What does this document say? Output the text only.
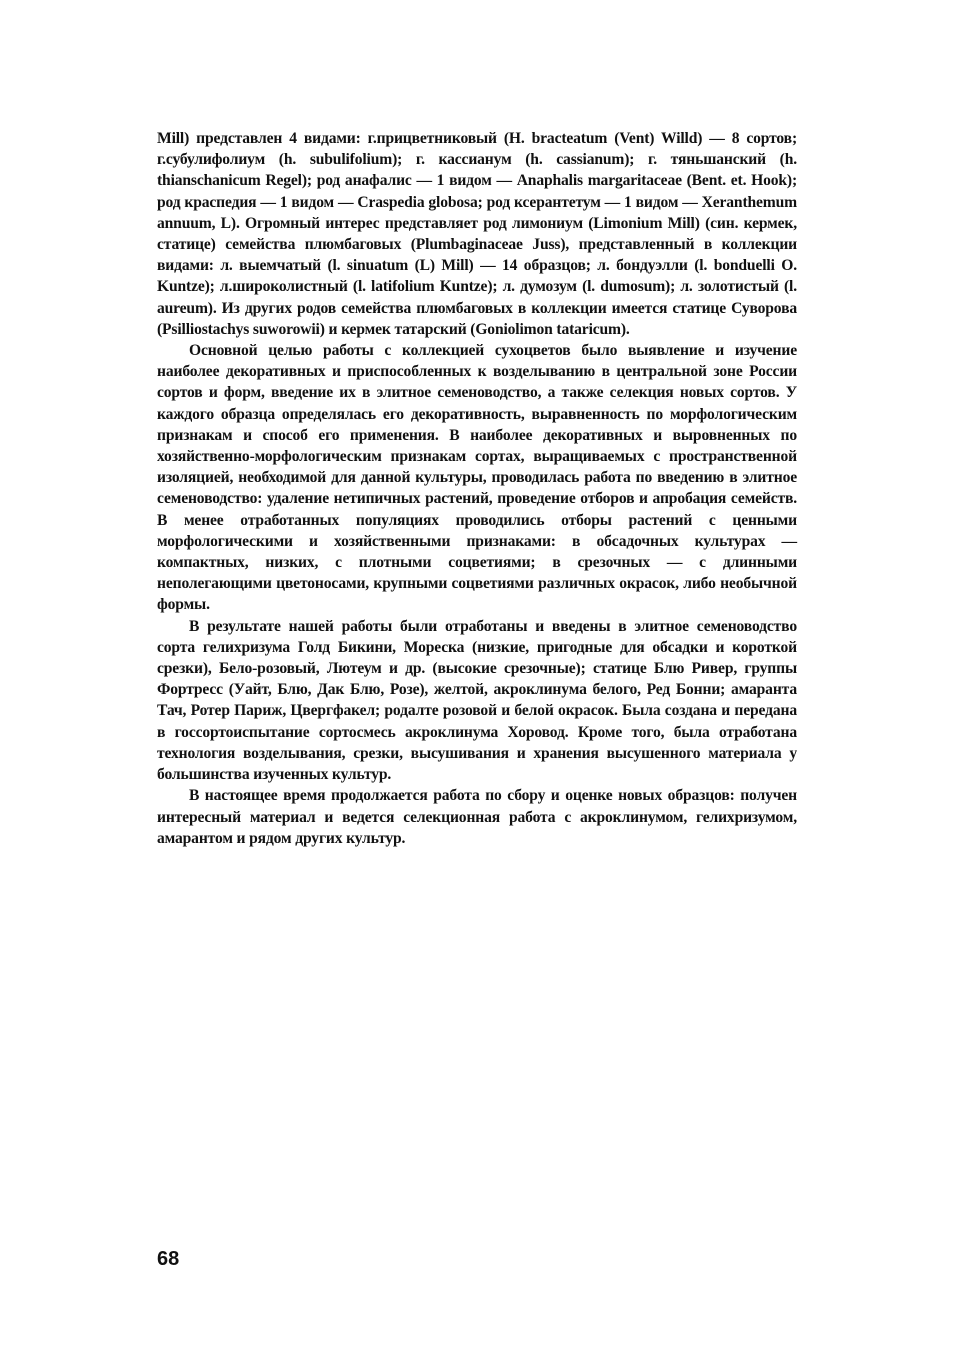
Mill) представлен 4 видами: г.прицветниковый (H. bracteatum (Vent) Willd) — 8 сортов; г.субулифолиум (h. subulifolium); г. кассианум (h. cassianum); г. тяньшанский (h. thianschanicum Regel); род анафалис — 1 видом — Anaphalis margaritaceae (Bent. et. Hook); род краспедия — 1 видом — Craspedia globosa; род ксерантетум — 1 видом — Xeranthemum annuum, L). Огромный интерес представляет род лимониум (Limonium Mill) (син. кермек, статице) семейства плюмбаговых (Plumbaginaceae Juss), представленный в коллекции видами: л. выемчатый (l. sinuatum (L) Mill) — 14 образцов; л. бондуэлли (l. bonduelli O. Kuntze); л.широколистный (l. latifolium Kuntze); л. думозум (l. dumosum); л. золотистый (l. aureum). Из других родов семейства плюмбаговых в коллекции имеется статице Суворова (Psilliostachys suworowii) и кермек татарский (Goniolimon tataricum).

Основной целью работы с коллекцией сухоцветов было выявление и изучение наиболее декоративных и приспособленных к возделыванию в центральной зоне России сортов и форм, введение их в элитное семеноводство, а также селекция новых сортов. У каждого образца определялась его декоративность, выравненность по морфологическим признакам и способ его применения. В наиболее декоративных и выровненных по хозяйственно-морфологическим признакам сортах, выращиваемых с пространственной изоляцией, необходимой для данной культуры, проводилась работа по введению в элитное семеноводство: удаление нетипичных растений, проведение отборов и апробация семейств. В менее отработанных популяциях проводились отборы растений с ценными морфологическими и хозяйственными признаками: в обсадочных культурах — компактных, низких, с плотными соцветиями; в срезочных — с длинными неполегающими цветоносами, крупными соцветиями различных окрасок, либо необычной формы.

В результате нашей работы были отработаны и введены в элитное семеноводство сорта гелихризума Голд Бикини, Мореска (низкие, пригодные для обсадки и короткой срезки), Бело-розовый, Лютеум и др. (высокие срезочные); статице Блю Ривер, группы Фортресс (Уайт, Блю, Дак Блю, Розе), желтой, акроклинума белого, Ред Бонни; амаранта Тач, Ротер Париж, Цвергфакел; родалте розовой и белой окрасок. Была создана и передана в госсортоиспытание сортосмесь акроклинума Хоровод. Кроме того, была отработана технология возделывания, срезки, высушивания и хранения высушенного материала у большинства изученных культур.

В настоящее время продолжается работа по сбору и оценке новых образцов: получен интересный материал и ведется селекционная работа с акроклинумом, гелихризумом, амарантом и рядом других культур.

68
